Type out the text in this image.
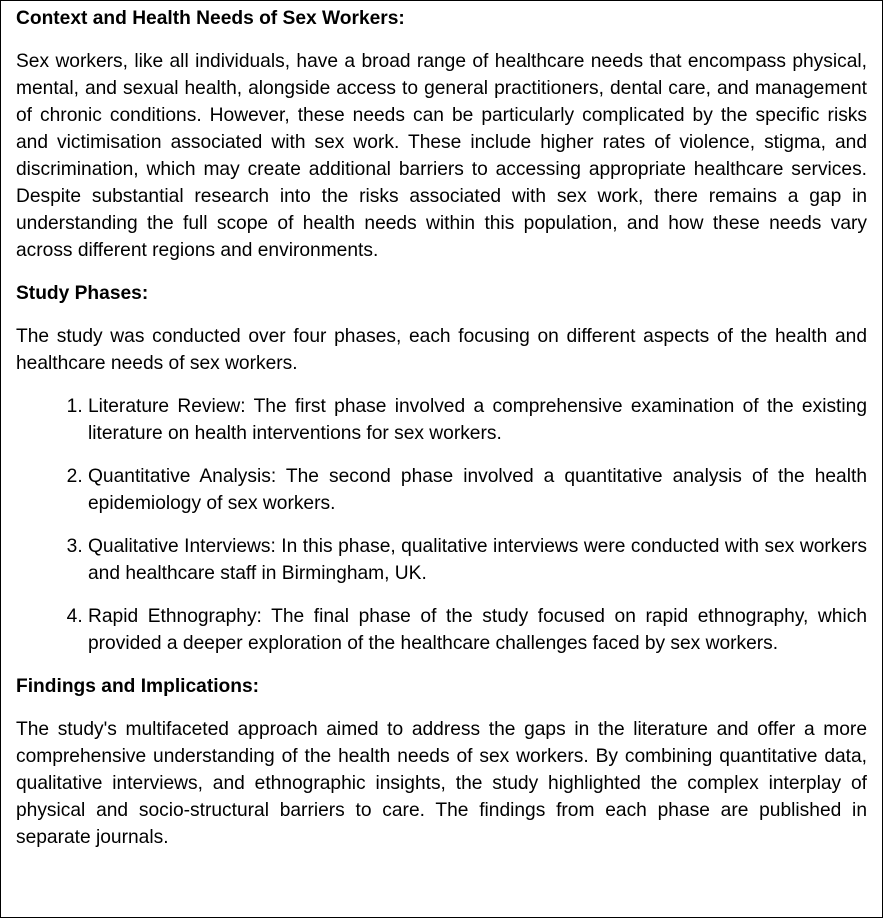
Context and Health Needs of Sex Workers:

Sex workers, like all individuals, have a broad range of healthcare needs that encompass physical, mental, and sexual health, alongside access to general practitioners, dental care, and management of chronic conditions. However, these needs can be particularly complicated by the specific risks and victimisation associated with sex work. These include higher rates of violence, stigma, and discrimination, which may create additional barriers to accessing appropriate healthcare services. Despite substantial research into the risks associated with sex work, there remains a gap in understanding the full scope of health needs within this population, and how these needs vary across different regions and environments.

Study Phases:

The study was conducted over four phases, each focusing on different aspects of the health and healthcare needs of sex workers.

1. Literature Review: The first phase involved a comprehensive examination of the existing literature on health interventions for sex workers.
2. Quantitative Analysis: The second phase involved a quantitative analysis of the health epidemiology of sex workers.
3. Qualitative Interviews: In this phase, qualitative interviews were conducted with sex workers and healthcare staff in Birmingham, UK.
4. Rapid Ethnography: The final phase of the study focused on rapid ethnography, which provided a deeper exploration of the healthcare challenges faced by sex workers.
Findings and Implications:

The study's multifaceted approach aimed to address the gaps in the literature and offer a more comprehensive understanding of the health needs of sex workers. By combining quantitative data, qualitative interviews, and ethnographic insights, the study highlighted the complex interplay of physical and socio-structural barriers to care. The findings from each phase are published in separate journals.
